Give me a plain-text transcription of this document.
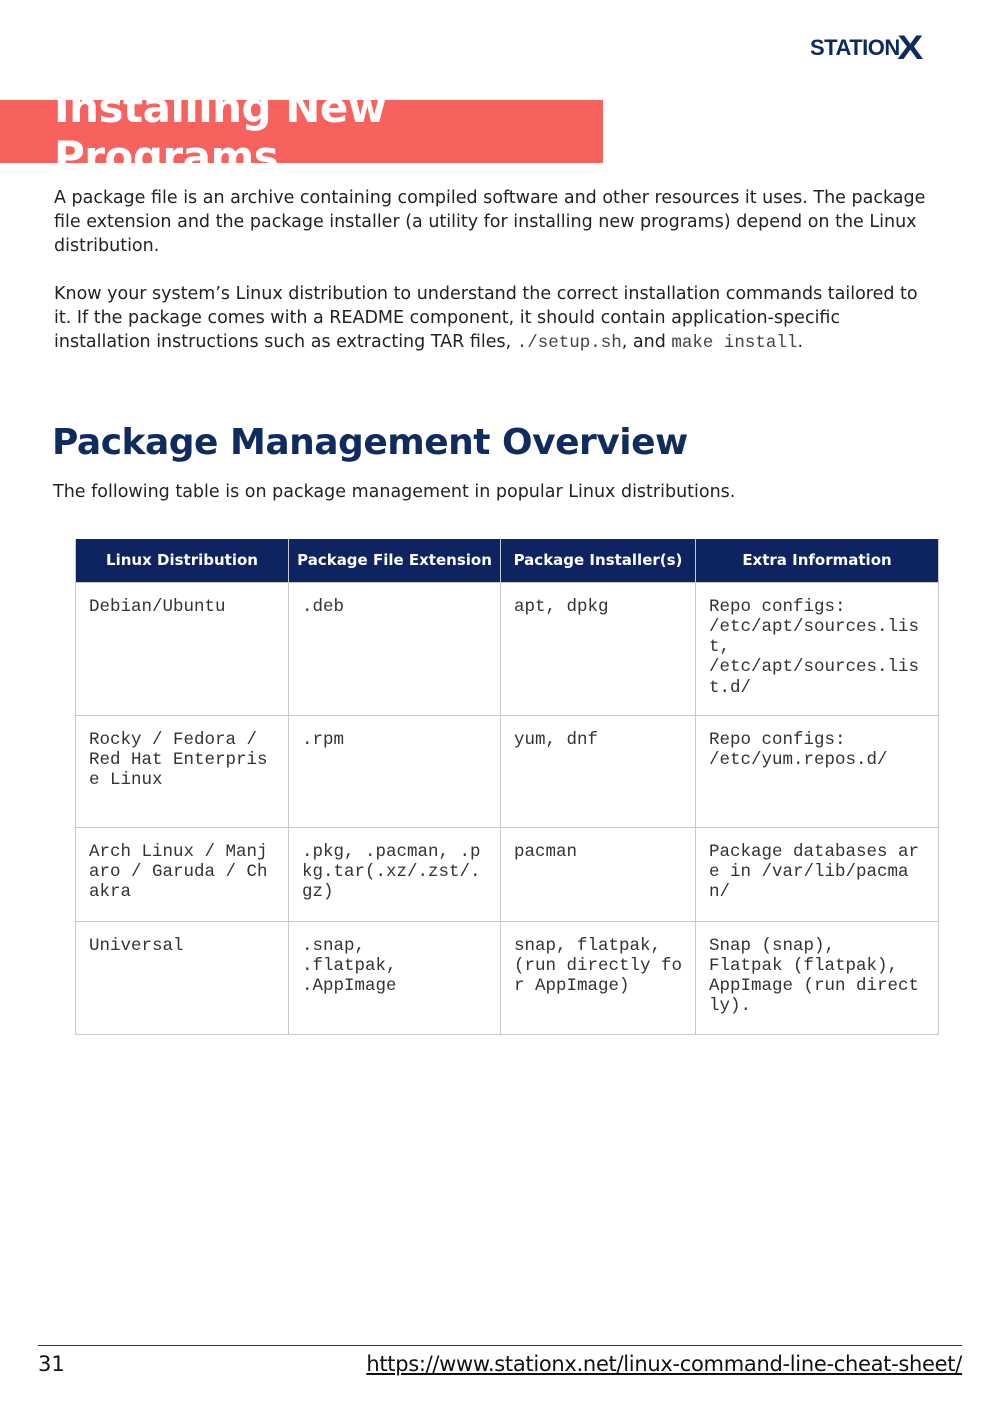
STATION
X
Installing New Programs

A package file is an archive containing compiled software and other resources it uses. The package file extension and the package installer (a utility for installing new programs) depend on the Linux distribution.

Know your system’s Linux distribution to understand the correct installation commands tailored to it. If the package comes with a README component, it should contain application-specific installation instructions such as extracting TAR files, ./setup.sh, and make install.

Package Management Overview

The following table is on package management in popular Linux distributions.

Linux Distribution	Package File Extension	Package Installer(s)	Extra Information
Debian/Ubuntu	.deb	apt, dpkg	Repo configs:
/etc/apt/sources.list,
/etc/apt/sources.list.d/
Rocky / Fedora / Red Hat Enterprise Linux	.rpm	yum, dnf	Repo configs:
/etc/yum.repos.d/
Arch Linux / Manjaro / Garuda / Chakra	.pkg, .pacman, .pkg.tar(.xz/.zst/.gz)	pacman	Package databases are in /var/lib/pacman/
Universal	.snap,
.flatpak,
.AppImage	snap, flatpak, (run directly for AppImage)	Snap (snap),
Flatpak (flatpak),
AppImage (run directly).
31	https://www.stationx.net/linux-command-line-cheat-sheet/
